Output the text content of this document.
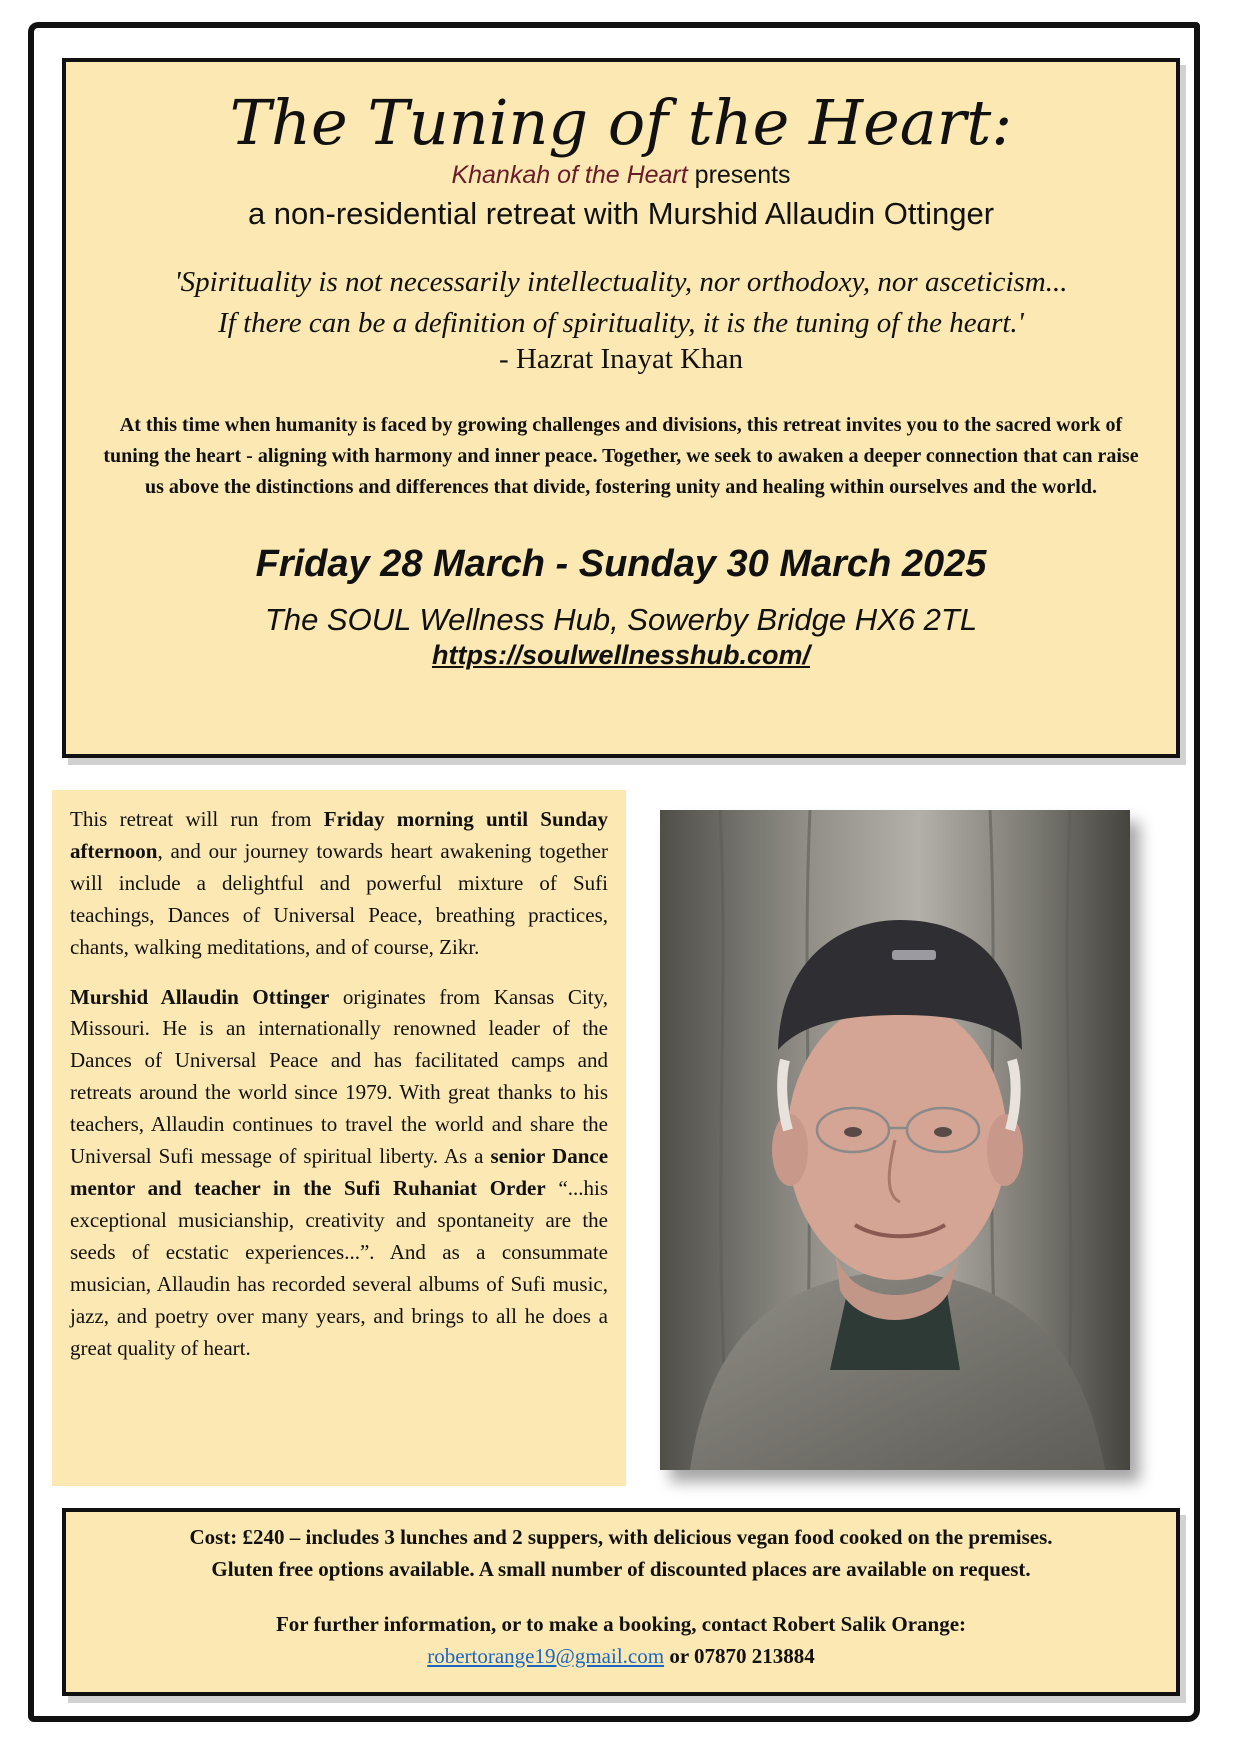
The Tuning of the Heart:
Khankah of the Heart presents
a non-residential retreat with Murshid Allaudin Ottinger
'Spirituality is not necessarily intellectuality, nor orthodoxy, nor asceticism...
If there can be a definition of spirituality, it is the tuning of the heart.'
- Hazrat Inayat Khan
At this time when humanity is faced by growing challenges and divisions, this retreat invites you to the sacred work of tuning the heart - aligning with harmony and inner peace. Together, we seek to awaken a deeper connection that can raise us above the distinctions and differences that divide, fostering unity and healing within ourselves and the world.
Friday 28 March - Sunday 30 March 2025
The SOUL Wellness Hub, Sowerby Bridge HX6 2TL
https://soulwellnesshub.com/

This retreat will run from Friday morning until Sunday afternoon, and our journey towards heart awakening together will include a delightful and powerful mixture of Sufi teachings, Dances of Universal Peace, breathing practices, chants, walking meditations, and of course, Zikr.

Murshid Allaudin Ottinger originates from Kansas City, Missouri. He is an internationally renowned leader of the Dances of Universal Peace and has facilitated camps and retreats around the world since 1979. With great thanks to his teachers, Allaudin continues to travel the world and share the Universal Sufi message of spiritual liberty. As a senior Dance mentor and teacher in the Sufi Ruhaniat Order “...his exceptional musicianship, creativity and spontaneity are the seeds of ecstatic experiences...”. And as a consummate musician, Allaudin has recorded several albums of Sufi music, jazz, and poetry over many years, and brings to all he does a great quality of heart.

Cost: £240 – includes 3 lunches and 2 suppers, with delicious vegan food cooked on the premises.
Gluten free options available. A small number of discounted places are available on request.
For further information, or to make a booking, contact Robert Salik Orange:
robertorange19@gmail.com or 07870 213884
